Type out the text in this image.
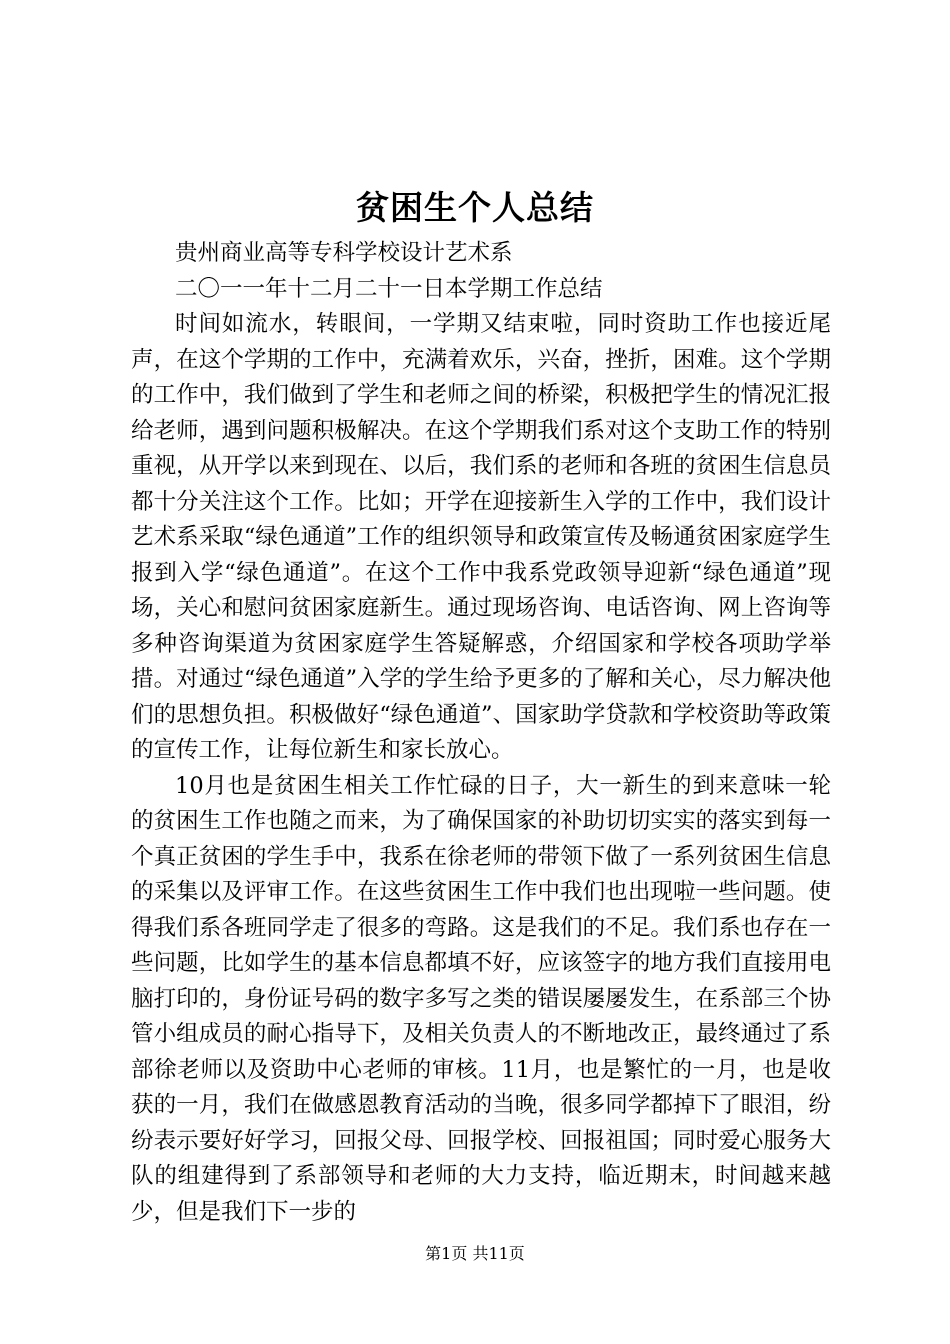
贫困生个人总结

贵州商业高等专科学校设计艺术系

二〇一一年十二月二十一日本学期工作总结

时间如流水，转眼间，一学期又结束啦，同时资助工作也接近尾声，在这个学期的工作中，充满着欢乐，兴奋，挫折，困难。这个学期的工作中，我们做到了学生和老师之间的桥梁，积极把学生的情况汇报给老师，遇到问题积极解决。在这个学期我们系对这个支助工作的特别重视，从开学以来到现在、以后，我们系的老师和各班的贫困生信息员都十分关注这个工作。比如；开学在迎接新生入学的工作中，我们设计艺术系采取“绿色通道”工作的组织领导和政策宣传及畅通贫困家庭学生报到入学“绿色通道”。在这个工作中我系党政领导迎新“绿色通道”现场，关心和慰问贫困家庭新生。通过现场咨询、电话咨询、网上咨询等多种咨询渠道为贫困家庭学生答疑解惑，介绍国家和学校各项助学举措。对通过“绿色通道”入学的学生给予更多的了解和关心，尽力解决他们的思想负担。积极做好“绿色通道”、国家助学贷款和学校资助等政策的宣传工作，让每位新生和家长放心。

10月也是贫困生相关工作忙碌的日子，大一新生的到来意味一轮的贫困生工作也随之而来，为了确保国家的补助切切实实的落实到每一个真正贫困的学生手中，我系在徐老师的带领下做了一系列贫困生信息的采集以及评审工作。在这些贫困生工作中我们也出现啦一些问题。使得我们系各班同学走了很多的弯路。这是我们的不足。我们系也存在一些问题，比如学生的基本信息都填不好，应该签字的地方我们直接用电脑打印的，身份证号码的数字多写之类的错误屡屡发生，在系部三个协管小组成员的耐心指导下，及相关负责人的不断地改正，最终通过了系部徐老师以及资助中心老师的审核。11月，也是繁忙的一月，也是收获的一月，我们在做感恩教育活动的当晚，很多同学都掉下了眼泪，纷纷表示要好好学习，回报父母、回报学校、回报祖国；同时爱心服务大队的组建得到了系部领导和老师的大力支持，临近期末，时间越来越少，但是我们下一步的

第1页 共11页
